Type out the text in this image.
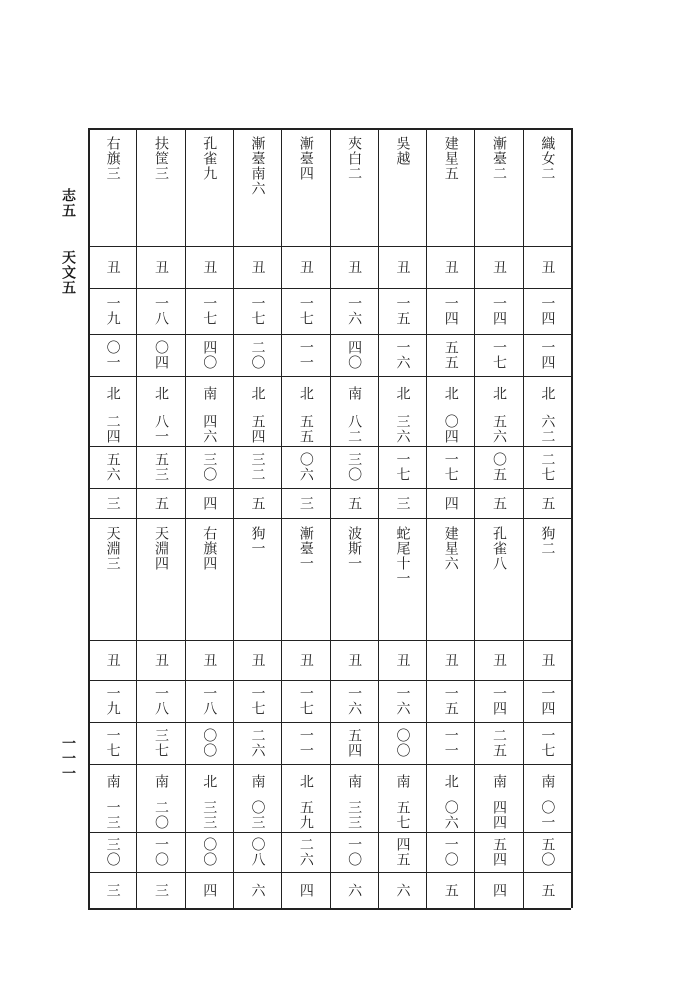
志五
天文五
一一一
右旗三
丑
一九
〇一
北
二四
五六
三
天淵三
丑
一九
一七
南
一三
三〇
三
扶筐三
丑
一八
〇四
北
八一
五三
五
天淵四
丑
一八
三七
南
二〇
一〇
三
孔雀九
丑
一七
四〇
南
四六
三〇
四
右旗四
丑
一八
〇〇
北
三三
〇〇
四
漸臺南六
丑
一七
二〇
北
五四
三二
五
狗一
丑
一七
二六
南
〇三
〇八
六
漸臺四
丑
一七
一一
北
五五
〇六
三
漸臺一
丑
一七
一一
北
五九
二六
四
夾白二
丑
一六
四〇
南
八二
三〇
五
波斯一
丑
一六
五四
南
三三
一〇
六
吳越
丑
一五
一六
北
三六
一七
三
蛇尾十一
丑
一六
〇〇
南
五七
四五
六
建星五
丑
一四
五五
北
〇四
一七
四
建星六
丑
一五
一一
北
〇六
一〇
五
漸臺二
丑
一四
一七
北
五六
〇五
五
孔雀八
丑
一四
二五
南
四四
五四
四
織女二
丑
一四
一四
北
六二
二七
五
狗二
丑
一四
一七
南
〇一
五〇
五
